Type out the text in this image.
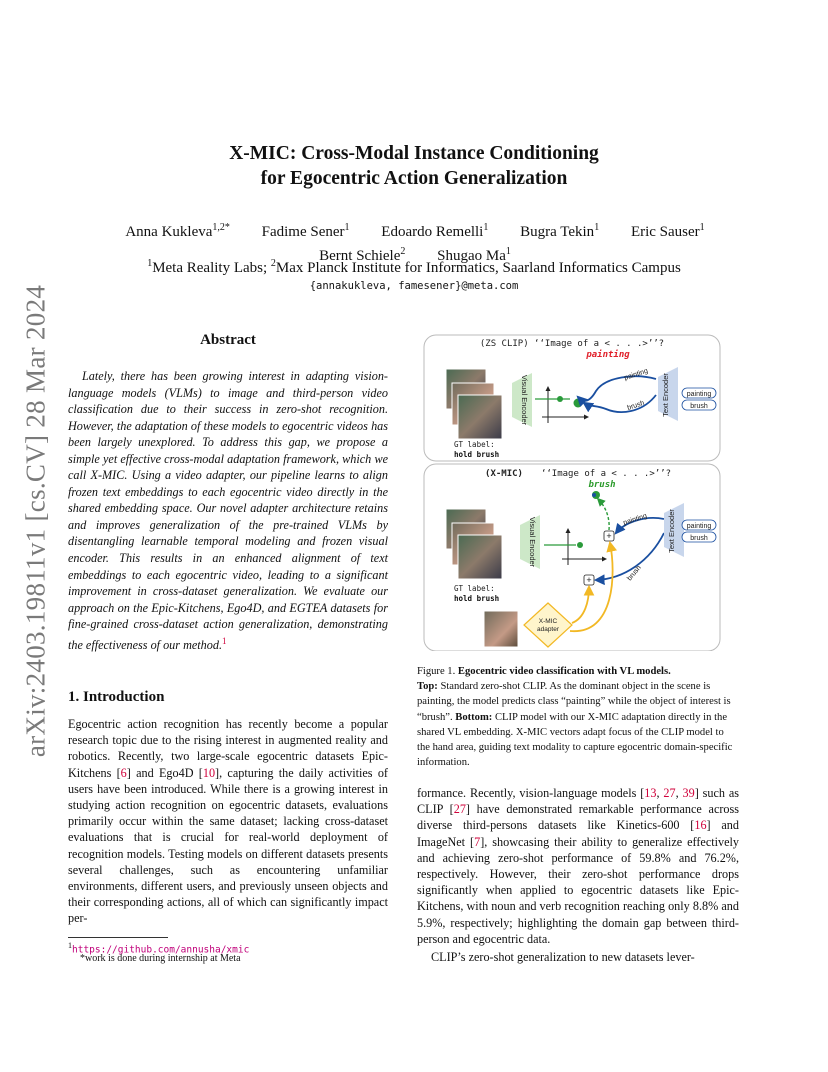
arXiv:2403.19811v1 [cs.CV] 28 Mar 2024
X-MIC: Cross-Modal Instance Conditioning
for Egocentric Action Generalization
Anna Kukleva$^{1,2*}$ Fadime Sener$^1$ Edoardo Remelli$^1$ Bugra Tekin$^1$ Eric Sauser$^1$
Bernt Schiele$^2$ Shugao Ma$^1$
$^1$Meta Reality Labs; $^2$Max Planck Institute for Informatics, Saarland Informatics Campus
{annakukleva, famesener}@meta.com
Abstract
Lately, there has been growing interest in adapting vision-language models (VLMs) to image and third-person video classification due to their success in zero-shot recognition. However, the adaptation of these models to egocentric videos has been largely unexplored. To address this gap, we propose a simple yet effective cross-modal adaptation framework, which we call X-MIC. Using a video adapter, our pipeline learns to align frozen text embeddings to each egocentric video directly in the shared embedding space. Our novel adapter architecture retains and improves generalization of the pre-trained VLMs by disentangling learnable temporal modeling and frozen visual encoder. This results in an enhanced alignment of text embeddings to each egocentric video, leading to a significant improvement in cross-dataset generalization. We evaluate our approach on the Epic-Kitchens, Ego4D, and EGTEA datasets for fine-grained cross-dataset action generalization, demonstrating the effectiveness of our method.$^1$
1. Introduction
Egocentric action recognition has recently become a popular research topic due to the rising interest in augmented reality and robotics. Recently, two large-scale egocentric datasets Epic-Kitchens [6] and Ego4D [10], capturing the daily activities of users have been introduced. While there is a growing interest in studying action recognition on egocentric datasets, evaluations primarily occur within the same dataset; lacking cross-dataset evaluations that is crucial for real-world deployment of recognition models. Testing models on different datasets presents several challenges, such as encountering unfamiliar environments, different users, and previously unseen objects and their corresponding actions, all of which can significantly impact per-
$^1$https://github.com/annusha/xmic
*work is done during internship at Meta
formance. Recently, vision-language models [13, 27, 39] such as CLIP [27] have demonstrated remarkable performance across diverse third-persons datasets like Kinetics-600 [16] and ImageNet [7], showcasing their ability to generalize effectively and achieving zero-shot performance of 59.8% and 76.2%, respectively. However, their zero-shot performance drops significantly when applied to egocentric datasets like Epic-Kitchens, with noun and verb recognition reaching only 8.8% and 5.9%, respectively; highlighting the domain gap between third-person and egocentric data.
CLIP’s zero-shot generalization to new datasets lever-
(ZS CLIP) ‘‘Image of a < . . .>’’?
painting
Visual Encoder
painting
brush Text Encoder painting
brush
GT label:
hold brush
(X-MIC) ‘‘Image of a < . . .>’’?
brush
Visual Encoder	+
+
painting
brush
Text Encoder painting
brush
GT label:
hold brush
X-MIC
adapter
Figure 1. Egocentric video classification with VL models.
Top: Standard zero-shot CLIP. As the dominant object in the scene is painting, the model predicts class “painting” while the object of interest is “brush”. Bottom: CLIP model with our X-MIC adaptation directly in the shared VL embedding. X-MIC vectors adapt focus of the CLIP model to the hand area, guiding text modality to capture egocentric domain-specific information.
